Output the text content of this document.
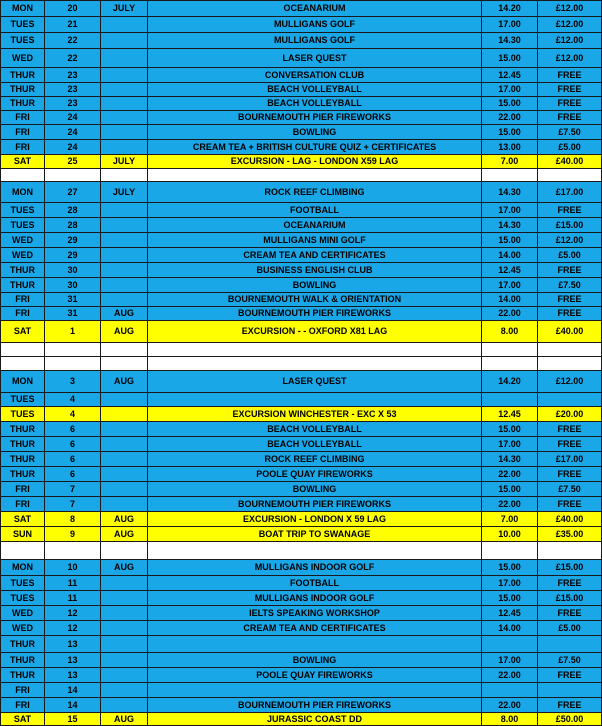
MON	20	JULY	OCEANARIUM	14.20	£12.00
TUES	21		MULLIGANS GOLF	17.00	£12.00
TUES	22		MULLIGANS GOLF	14.30	£12.00
WED	22		LASER QUEST	15.00	£12.00
THUR	23		CONVERSATION CLUB	12.45	FREE
THUR	23		BEACH VOLLEYBALL	17.00	FREE
THUR	23		BEACH VOLLEYBALL	15.00	FREE
FRI	24		BOURNEMOUTH PIER FIREWORKS	22.00	FREE
FRI	24		BOWLING	15.00	£7.50
FRI	24		CREAM TEA + BRITISH CULTURE QUIZ + CERTIFICATES	13.00	£5.00
SAT	25	JULY	EXCURSION - LAG - LONDON X59 LAG	7.00	£40.00

MON	27	JULY	ROCK REEF CLIMBING	14.30	£17.00
TUES	28		FOOTBALL	17.00	FREE
TUES	28		OCEANARIUM	14.30	£15.00
WED	29		MULLIGANS MINI GOLF	15.00	£12.00
WED	29		CREAM TEA AND CERTIFICATES	14.00	£5.00
THUR	30		BUSINESS ENGLISH CLUB	12.45	FREE
THUR	30		BOWLING	17.00	£7.50
FRI	31		BOURNEMOUTH WALK & ORIENTATION	14.00	FREE
FRI	31	AUG	BOURNEMOUTH PIER FIREWORKS	22.00	FREE
SAT	1	AUG	EXCURSION - - OXFORD X81 LAG	8.00	£40.00

MON	3	AUG	LASER QUEST	14.20	£12.00
TUES	4				
TUES	4		EXCURSION WINCHESTER - EXC X 53	12.45	£20.00
THUR	6		BEACH VOLLEYBALL	15.00	FREE
THUR	6		BEACH VOLLEYBALL	17.00	FREE
THUR	6		ROCK REEF CLIMBING	14.30	£17.00
THUR	6		POOLE QUAY FIREWORKS	22.00	FREE
FRI	7		BOWLING	15.00	£7.50
FRI	7		BOURNEMOUTH PIER FIREWORKS	22.00	FREE
SAT	8	AUG	EXCURSION - LONDON X 59 LAG	7.00	£40.00
SUN	9	AUG	BOAT TRIP TO SWANAGE	10.00	£35.00

MON	10	AUG	MULLIGANS INDOOR GOLF	15.00	£15.00
TUES	11		FOOTBALL	17.00	FREE
TUES	11		MULLIGANS INDOOR GOLF	15.00	£15.00
WED	12		IELTS SPEAKING WORKSHOP	12.45	FREE
WED	12		CREAM TEA AND CERTIFICATES	14.00	£5.00
THUR	13				
THUR	13		BOWLING	17.00	£7.50
THUR	13		POOLE QUAY FIREWORKS	22.00	FREE
FRI	14				
FRI	14		BOURNEMOUTH PIER FIREWORKS	22.00	FREE
SAT	15	AUG	JURASSIC COAST DD	8.00	£50.00
